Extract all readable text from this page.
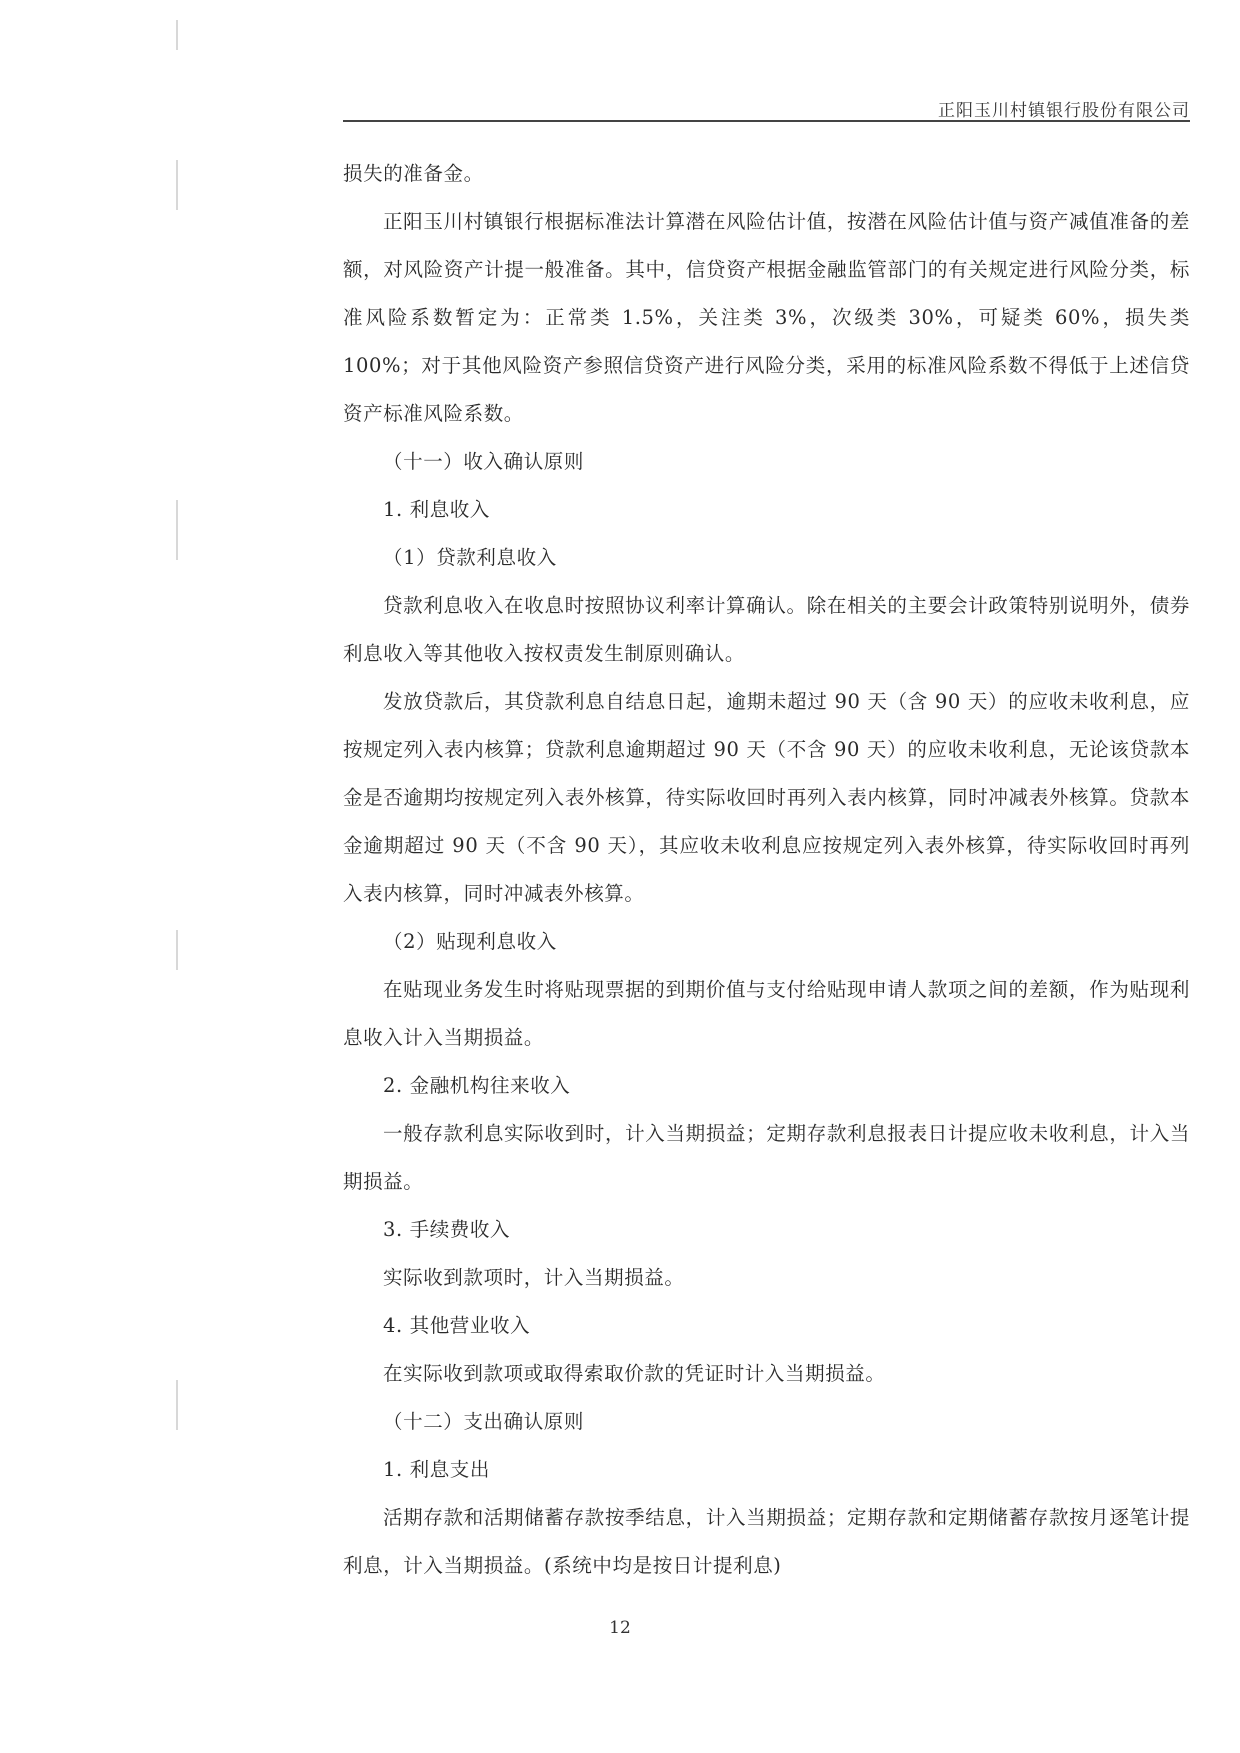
正阳玉川村镇银行股份有限公司

损失的准备金。

正阳玉川村镇银行根据标准法计算潜在风险估计值，按潜在风险估计值与资产减值准备的差额，对风险资产计提一般准备。其中，信贷资产根据金融监管部门的有关规定进行风险分类，标准风险系数暂定为：正常类 1.5%，关注类 3%，次级类 30%，可疑类 60%，损失类 100%；对于其他风险资产参照信贷资产进行风险分类，采用的标准风险系数不得低于上述信贷资产标准风险系数。

（十一）收入确认原则

1. 利息收入

（1）贷款利息收入

贷款利息收入在收息时按照协议利率计算确认。除在相关的主要会计政策特别说明外，债券利息收入等其他收入按权责发生制原则确认。

发放贷款后，其贷款利息自结息日起，逾期未超过 90 天（含 90 天）的应收未收利息，应按规定列入表内核算；贷款利息逾期超过 90 天（不含 90 天）的应收未收利息，无论该贷款本金是否逾期均按规定列入表外核算，待实际收回时再列入表内核算，同时冲减表外核算。贷款本金逾期超过 90 天（不含 90 天），其应收未收利息应按规定列入表外核算，待实际收回时再列入表内核算，同时冲减表外核算。

（2）贴现利息收入

在贴现业务发生时将贴现票据的到期价值与支付给贴现申请人款项之间的差额，作为贴现利息收入计入当期损益。

2. 金融机构往来收入

一般存款利息实际收到时，计入当期损益；定期存款利息报表日计提应收未收利息，计入当期损益。

3. 手续费收入

实际收到款项时，计入当期损益。

4. 其他营业收入

在实际收到款项或取得索取价款的凭证时计入当期损益。

（十二）支出确认原则

1. 利息支出

活期存款和活期储蓄存款按季结息，计入当期损益；定期存款和定期储蓄存款按月逐笔计提利息，计入当期损益。(系统中均是按日计提利息)

12
